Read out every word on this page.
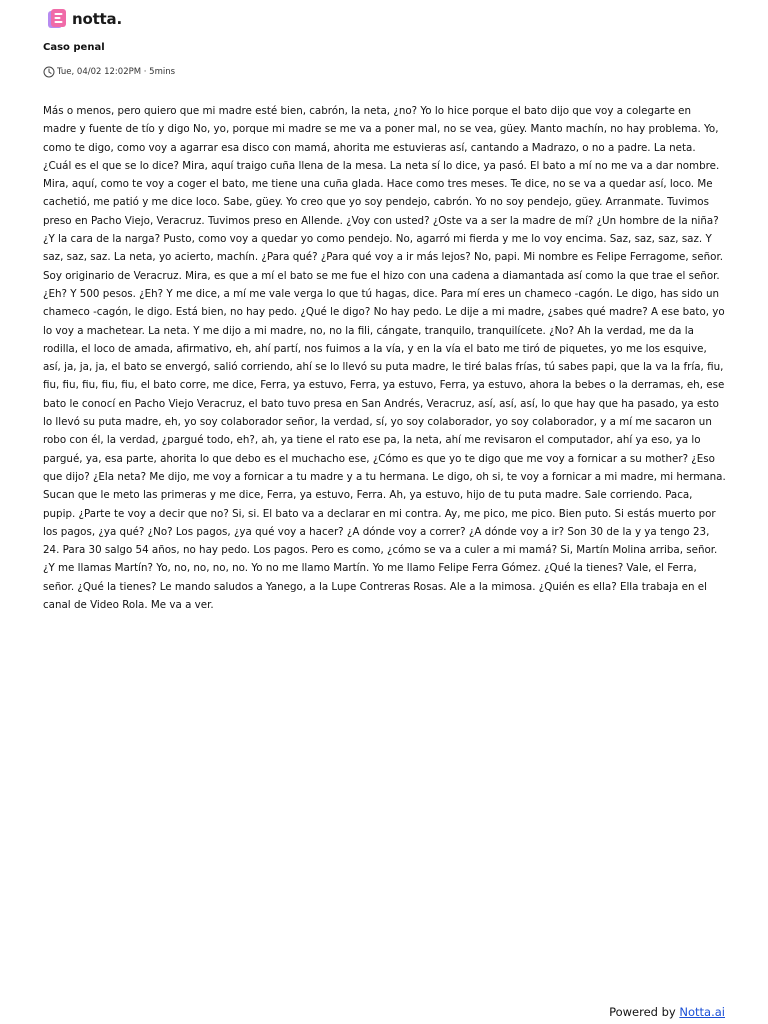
notta.
Caso penal
Tue, 04/02 12:02PM · 5mins

Más o menos, pero quiero que mi madre esté bien, cabrón, la neta, ¿no? Yo lo hice porque el bato dijo que voy a colegarte en madre y fuente de tío y digo No, yo, porque mi madre se me va a poner mal, no se vea, güey. Manto machín, no hay problema. Yo, como te digo, como voy a agarrar esa disco con mamá, ahorita me estuvieras así, cantando a Madrazo, o no a padre. La neta. ¿Cuál es el que se lo dice? Mira, aquí traigo cuña llena de la mesa. La neta sí lo dice, ya pasó. El bato a mí no me va a dar nombre. Mira, aquí, como te voy a coger el bato, me tiene una cuña glada. Hace como tres meses. Te dice, no se va a quedar así, loco. Me cachetió, me patió y me dice loco. Sabe, güey. Yo creo que yo soy pendejo, cabrón. Yo no soy pendejo, güey. Arranmate. Tuvimos preso en Pacho Viejo, Veracruz. Tuvimos preso en Allende. ¿Voy con usted? ¿Oste va a ser la madre de mí? ¿Un hombre de la niña? ¿Y la cara de la narga? Pusto, como voy a quedar yo como pendejo. No, agarró mi fierda y me lo voy encima. Saz, saz, saz, saz. Y saz, saz, saz. La neta, yo acierto, machín. ¿Para qué? ¿Para qué voy a ir más lejos? No, papi. Mi nombre es Felipe Ferragome, señor. Soy originario de Veracruz. Mira, es que a mí el bato se me fue el hizo con una cadena a diamantada así como la que trae el señor. ¿Eh? Y 500 pesos. ¿Eh? Y me dice, a mí me vale verga lo que tú hagas, dice. Para mí eres un chameco -cagón. Le digo, has sido un chameco -cagón, le digo. Está bien, no hay pedo. ¿Qué le digo? No hay pedo. Le dije a mi madre, ¿sabes qué madre? A ese bato, yo lo voy a machetear. La neta. Y me dijo a mi madre, no, no la fili, cángate, tranquilo, tranquilícete. ¿No? Ah la verdad, me da la rodilla, el loco de amada, afirmativo, eh, ahí partí, nos fuimos a la vía, y en la vía el bato me tiró de piquetes, yo me los esquive, así, ja, ja, ja, el bato se envergó, salió corriendo, ahí se lo llevó su puta madre, le tiré balas frías, tú sabes papi, que la va la fría, fiu, fiu, fiu, fiu, fiu, fiu, el bato corre, me dice, Ferra, ya estuvo, Ferra, ya estuvo, Ferra, ya estuvo, ahora la bebes o la derramas, eh, ese bato le conocí en Pacho Viejo Veracruz, el bato tuvo presa en San Andrés, Veracruz, así, así, así, lo que hay que ha pasado, ya esto lo llevó su puta madre, eh, yo soy colaborador señor, la verdad, sí, yo soy colaborador, yo soy colaborador, y a mí me sacaron un robo con él, la verdad, ¿pargué todo, eh?, ah, ya tiene el rato ese pa, la neta, ahí me revisaron el computador, ahí ya eso, ya lo pargué, ya, esa parte, ahorita lo que debo es el muchacho ese, ¿Cómo es que yo te digo que me voy a fornicar a su mother? ¿Eso que dijo? ¿Ela neta? Me dijo, me voy a fornicar a tu madre y a tu hermana. Le digo, oh si, te voy a fornicar a mi madre, mi hermana. Sucan que le meto las primeras y me dice, Ferra, ya estuvo, Ferra. Ah, ya estuvo, hijo de tu puta madre. Sale corriendo. Paca, pupip. ¿Parte te voy a decir que no? Si, si. El bato va a declarar en mi contra. Ay, me pico, me pico. Bien puto. Si estás muerto por los pagos, ¿ya qué? ¿No? Los pagos, ¿ya qué voy a hacer? ¿A dónde voy a correr? ¿A dónde voy a ir? Son 30 de la y ya tengo 23, 24. Para 30 salgo 54 años, no hay pedo. Los pagos. Pero es como, ¿cómo se va a culer a mi mamá? Si, Martín Molina arriba, señor. ¿Y me llamas Martín? Yo, no, no, no, no. Yo no me llamo Martín. Yo me llamo Felipe Ferra Gómez. ¿Qué la tienes? Vale, el Ferra, señor. ¿Qué la tienes? Le mando saludos a Yanego, a la Lupe Contreras Rosas. Ale a la mimosa. ¿Quién es ella? Ella trabaja en el canal de Video Rola. Me va a ver.

Powered by Notta.ai
